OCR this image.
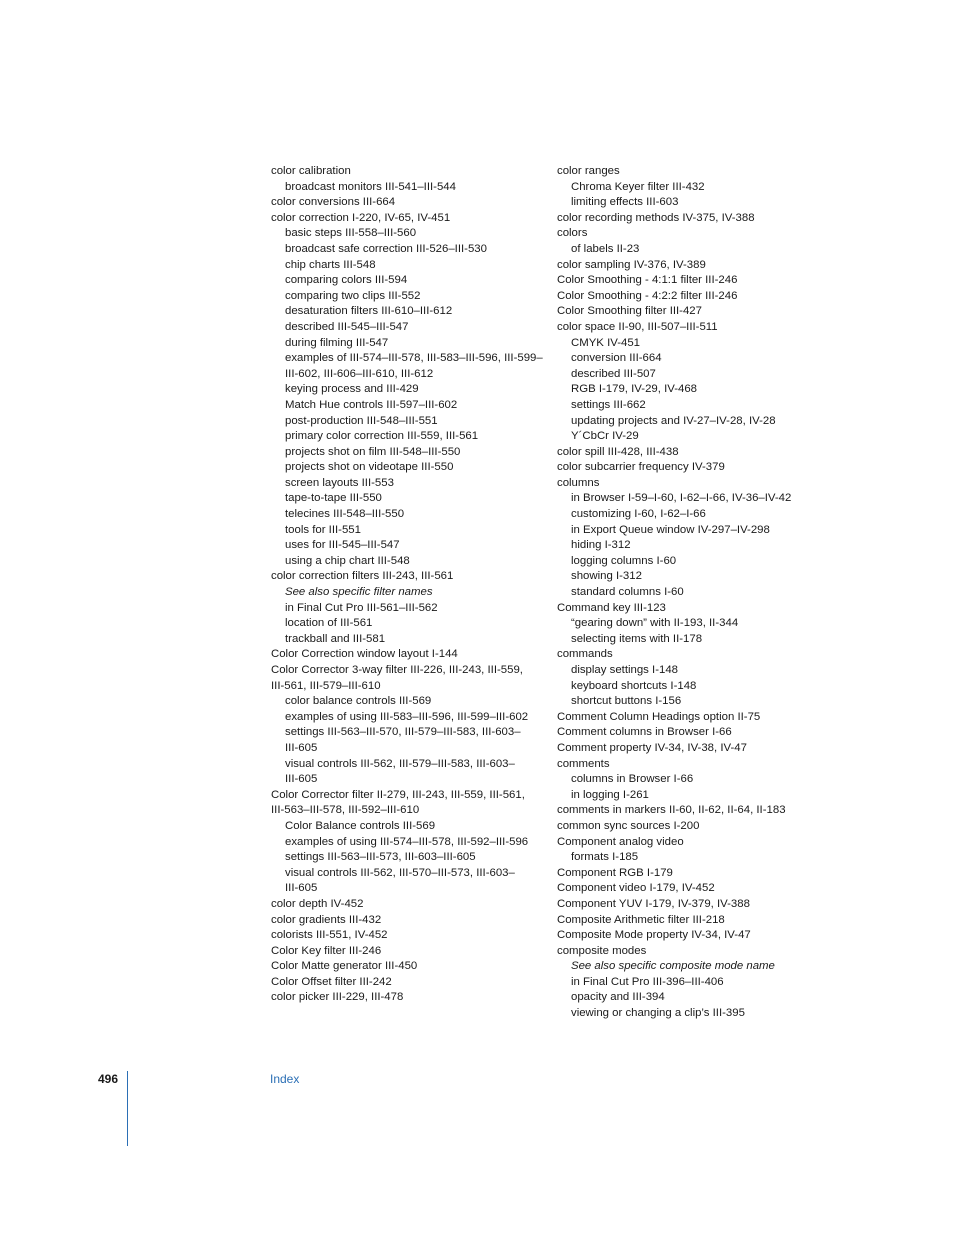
color calibration
broadcast monitors III-541–III-544
color conversions III-664
color correction I-220, IV-65, IV-451
basic steps III-558–III-560
broadcast safe correction III-526–III-530
chip charts III-548
comparing colors III-594
comparing two clips III-552
desaturation filters III-610–III-612
described III-545–III-547
during filming III-547
examples of III-574–III-578, III-583–III-596, III-599–
III-602, III-606–III-610, III-612
keying process and III-429
Match Hue controls III-597–III-602
post-production III-548–III-551
primary color correction III-559, III-561
projects shot on film III-548–III-550
projects shot on videotape III-550
screen layouts III-553
tape-to-tape III-550
telecines III-548–III-550
tools for III-551
uses for III-545–III-547
using a chip chart III-548
color correction filters III-243, III-561
See also specific filter names
in Final Cut Pro III-561–III-562
location of III-561
trackball and III-581
Color Correction window layout I-144
Color Corrector 3-way filter III-226, III-243, III-559,
III-561, III-579–III-610
color balance controls III-569
examples of using III-583–III-596, III-599–III-602
settings III-563–III-570, III-579–III-583, III-603–
III-605
visual controls III-562, III-579–III-583, III-603–
III-605
Color Corrector filter II-279, III-243, III-559, III-561,
III-563–III-578, III-592–III-610
Color Balance controls III-569
examples of using III-574–III-578, III-592–III-596
settings III-563–III-573, III-603–III-605
visual controls III-562, III-570–III-573, III-603–
III-605
color depth IV-452
color gradients III-432
colorists III-551, IV-452
Color Key filter III-246
Color Matte generator III-450
Color Offset filter III-242
color picker III-229, III-478
color ranges
Chroma Keyer filter III-432
limiting effects III-603
color recording methods IV-375, IV-388
colors
of labels II-23
color sampling IV-376, IV-389
Color Smoothing - 4:1:1 filter III-246
Color Smoothing - 4:2:2 filter III-246
Color Smoothing filter III-427
color space II-90, III-507–III-511
CMYK IV-451
conversion III-664
described III-507
RGB I-179, IV-29, IV-468
settings III-662
updating projects and IV-27–IV-28, IV-28
Y´CbCr IV-29
color spill III-428, III-438
color subcarrier frequency IV-379
columns
in Browser I-59–I-60, I-62–I-66, IV-36–IV-42
customizing I-60, I-62–I-66
in Export Queue window IV-297–IV-298
hiding I-312
logging columns I-60
showing I-312
standard columns I-60
Command key III-123
“gearing down” with II-193, II-344
selecting items with II-178
commands
display settings I-148
keyboard shortcuts I-148
shortcut buttons I-156
Comment Column Headings option II-75
Comment columns in Browser I-66
Comment property IV-34, IV-38, IV-47
comments
columns in Browser I-66
in logging I-261
comments in markers II-60, II-62, II-64, II-183
common sync sources I-200
Component analog video
formats I-185
Component RGB I-179
Component video I-179, IV-452
Component YUV I-179, IV-379, IV-388
Composite Arithmetic filter III-218
Composite Mode property IV-34, IV-47
composite modes
See also specific composite mode name
in Final Cut Pro III-396–III-406
opacity and III-394
viewing or changing a clip’s III-395
496	Index
